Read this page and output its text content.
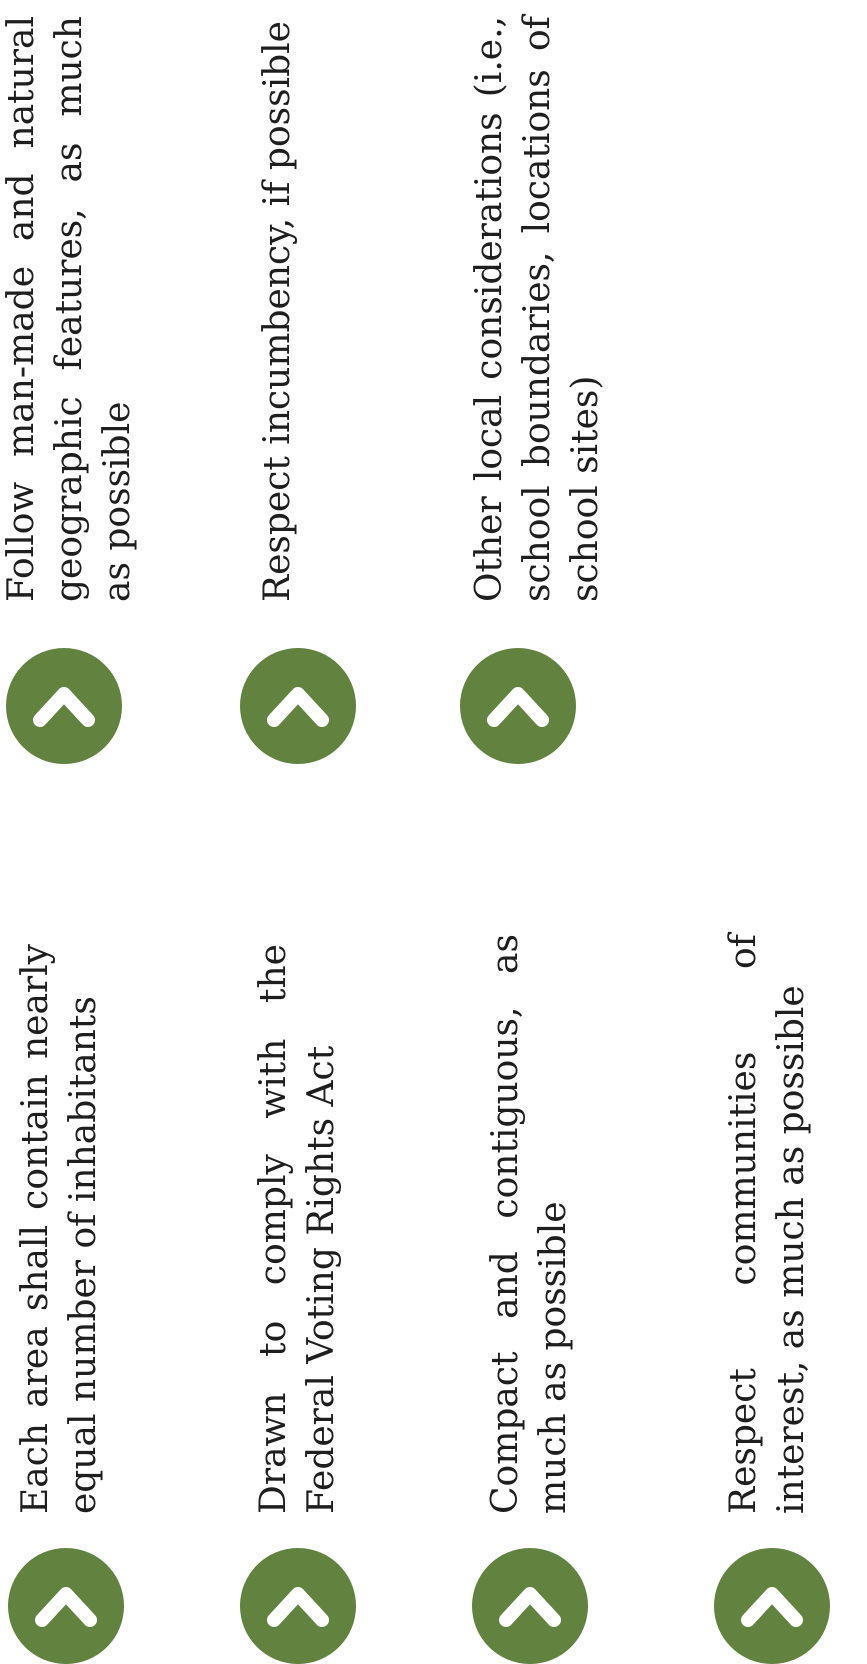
Each area shall contain nearly equal number of inhabitants	Drawn to comply with the Federal Voting Rights Act	Compact and contiguous, as much as possible	Respect communities of interest, as much as possible
Follow man-made and natural geographic features, as much as possible	Respect incumbency, if possible	Other local considerations (i.e., school boundaries, locations of school sites)
